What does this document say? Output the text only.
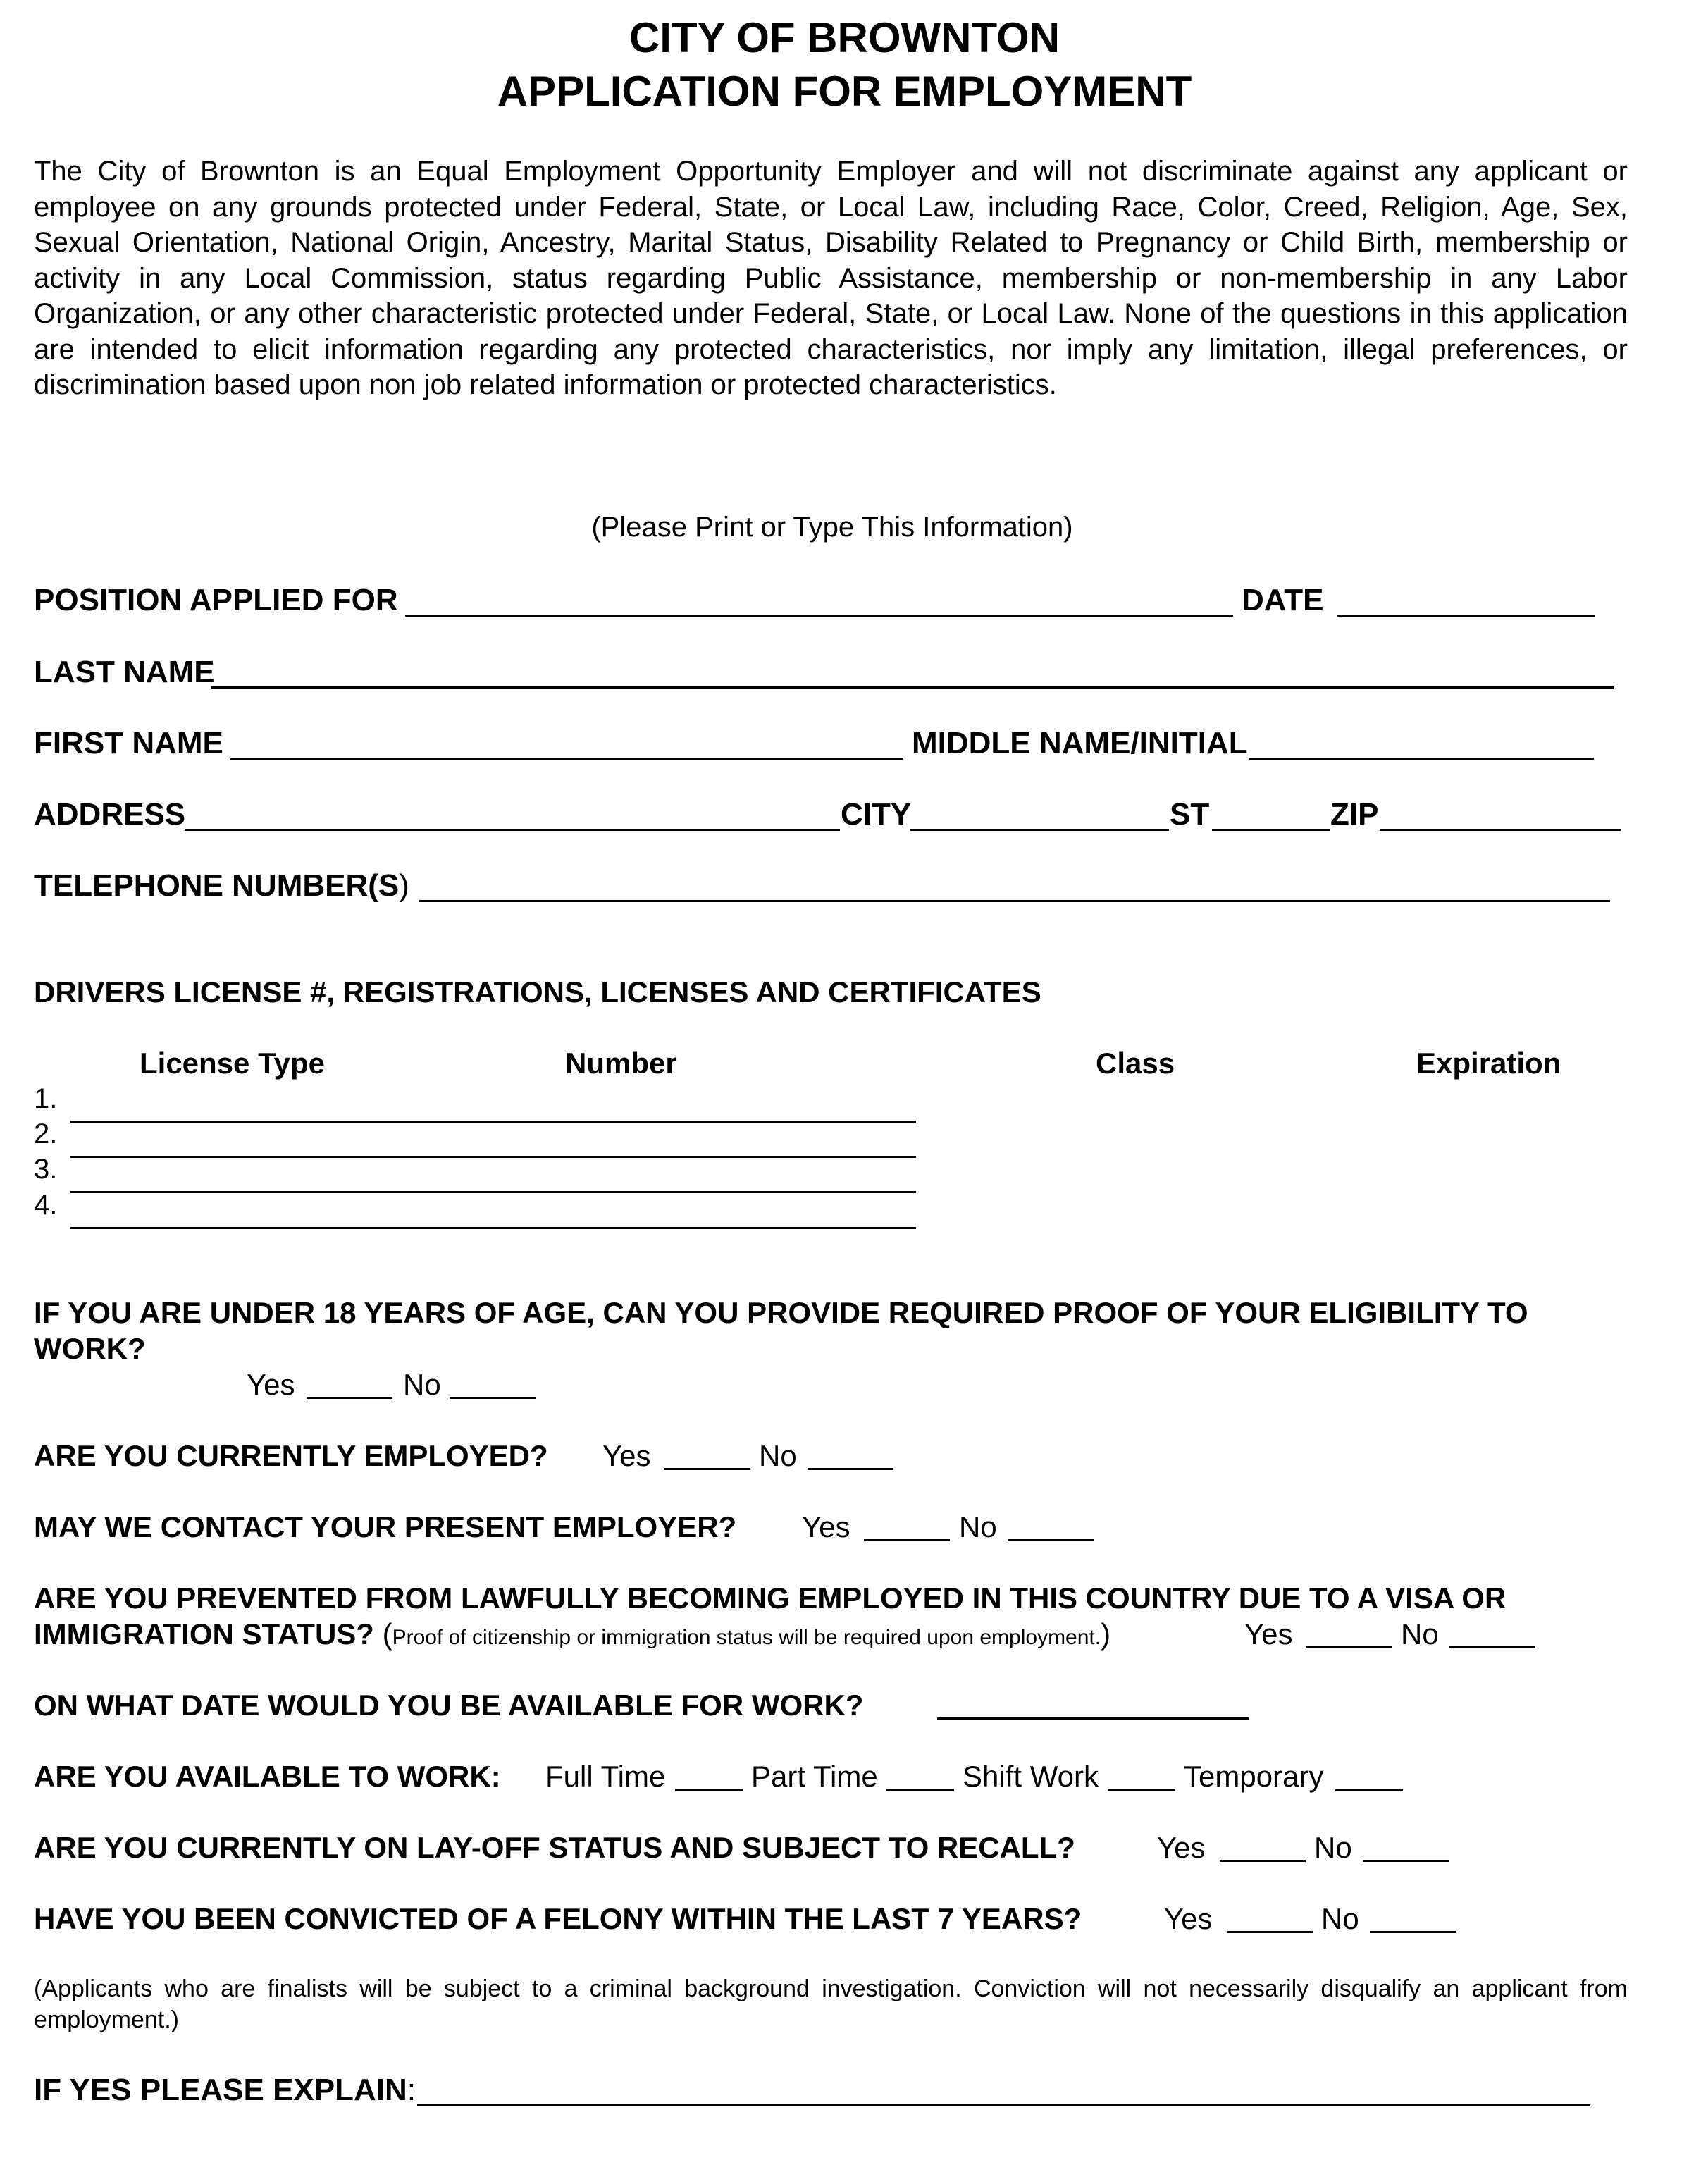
CITY OF BROWNTON
APPLICATION FOR EMPLOYMENT
The City of Brownton is an Equal Employment Opportunity Employer and will not discriminate against any applicant or employee on any grounds protected under Federal, State, or Local Law, including Race, Color, Creed, Religion, Age, Sex, Sexual Orientation, National Origin, Ancestry, Marital Status, Disability Related to Pregnancy or Child Birth, membership or activity in any Local Commission, status regarding Public Assistance, membership or non-membership in any Labor Organization, or any other characteristic protected under Federal, State, or Local Law. None of the questions in this application are intended to elicit information regarding any protected characteristics, nor imply any limitation, illegal preferences, or discrimination based upon non job related information or protected characteristics.
(Please Print or Type This Information)
POSITION APPLIED FOR	DATE
LAST NAME
FIRST NAME	MIDDLE NAME/INITIAL
ADDRESS	CITY	ST	ZIP
TELEPHONE NUMBER(S)
DRIVERS LICENSE #, REGISTRATIONS, LICENSES AND CERTIFICATES
License Type	Number	Class	Expiration
1.
2.
3.
4.
IF YOU ARE UNDER 18 YEARS OF AGE, CAN YOU PROVIDE REQUIRED PROOF OF YOUR ELIGIBILITY TO
WORK?
Yes	No
ARE YOU CURRENTLY EMPLOYED? Yes	No
MAY WE CONTACT YOUR PRESENT EMPLOYER? Yes	No
ARE YOU PREVENTED FROM LAWFULLY BECOMING EMPLOYED IN THIS COUNTRY DUE TO A VISA OR
IMMIGRATION STATUS? (Proof of citizenship or immigration status will be required upon employment.)	Yes	No
ON WHAT DATE WOULD YOU BE AVAILABLE FOR WORK?
ARE YOU AVAILABLE TO WORK: Full Time	Part Time	Shift Work	Temporary
ARE YOU CURRENTLY ON LAY-OFF STATUS AND SUBJECT TO RECALL?	Yes	No
HAVE YOU BEEN CONVICTED OF A FELONY WITHIN THE LAST 7 YEARS?	Yes	No
(Applicants who are finalists will be subject to a criminal background investigation. Conviction will not necessarily disqualify an applicant from employment.)
IF YES PLEASE EXPLAIN:
